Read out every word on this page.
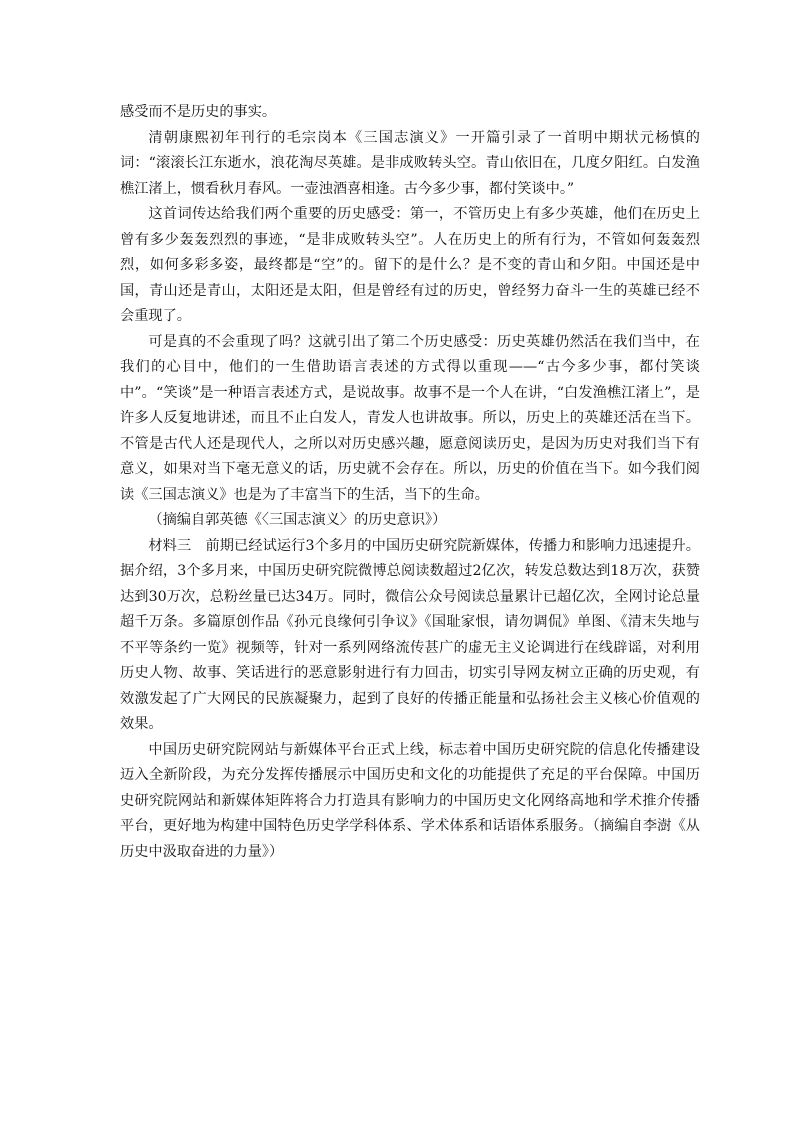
感受而不是历史的事实。

清朝康熙初年刊行的毛宗岗本《三国志演义》一开篇引录了一首明中期状元杨慎的词：“滚滚长江东逝水，浪花淘尽英雄。是非成败转头空。青山依旧在，几度夕阳红。白发渔樵江渚上，惯看秋月春风。一壶浊酒喜相逢。古今多少事，都付笑谈中。”

这首词传达给我们两个重要的历史感受：第一，不管历史上有多少英雄，他们在历史上曾有多少轰轰烈烈的事迹，“是非成败转头空”。人在历史上的所有行为，不管如何轰轰烈烈，如何多彩多姿，最终都是“空”的。留下的是什么？是不变的青山和夕阳。中国还是中国，青山还是青山，太阳还是太阳，但是曾经有过的历史，曾经努力奋斗一生的英雄已经不会重现了。

可是真的不会重现了吗？这就引出了第二个历史感受：历史英雄仍然活在我们当中，在我们的心目中，他们的一生借助语言表述的方式得以重现——“古今多少事，都付笑谈中”。“笑谈”是一种语言表述方式，是说故事。故事不是一个人在讲，“白发渔樵江渚上”，是许多人反复地讲述，而且不止白发人，青发人也讲故事。所以，历史上的英雄还活在当下。不管是古代人还是现代人，之所以对历史感兴趣，愿意阅读历史，是因为历史对我们当下有意义，如果对当下毫无意义的话，历史就不会存在。所以，历史的价值在当下。如今我们阅读《三国志演义》也是为了丰富当下的生活，当下的生命。

（摘编自郭英德《〈三国志演义〉的历史意识》）

材料三　前期已经试运行3个多月的中国历史研究院新媒体，传播力和影响力迅速提升。据介绍，3个多月来，中国历史研究院微博总阅读数超过2亿次，转发总数达到18万次，获赞达到30万次，总粉丝量已达34万。同时，微信公众号阅读总量累计已超亿次，全网讨论总量超千万条。多篇原创作品《孙元良缘何引争议》《国耻家恨，请勿调侃》单图、《清末失地与不平等条约一览》视频等，针对一系列网络流传甚广的虚无主义论调进行在线辟谣，对利用历史人物、故事、笑话进行的恶意影射进行有力回击，切实引导网友树立正确的历史观，有效激发起了广大网民的民族凝聚力，起到了良好的传播正能量和弘扬社会主义核心价值观的效果。

中国历史研究院网站与新媒体平台正式上线，标志着中国历史研究院的信息化传播建设迈入全新阶段，为充分发挥传播展示中国历史和文化的功能提供了充足的平台保障。中国历史研究院网站和新媒体矩阵将合力打造具有影响力的中国历史文化网络高地和学术推介传播平台，更好地为构建中国特色历史学学科体系、学术体系和话语体系服务。（摘编自李澍《从历史中汲取奋进的力量》）
